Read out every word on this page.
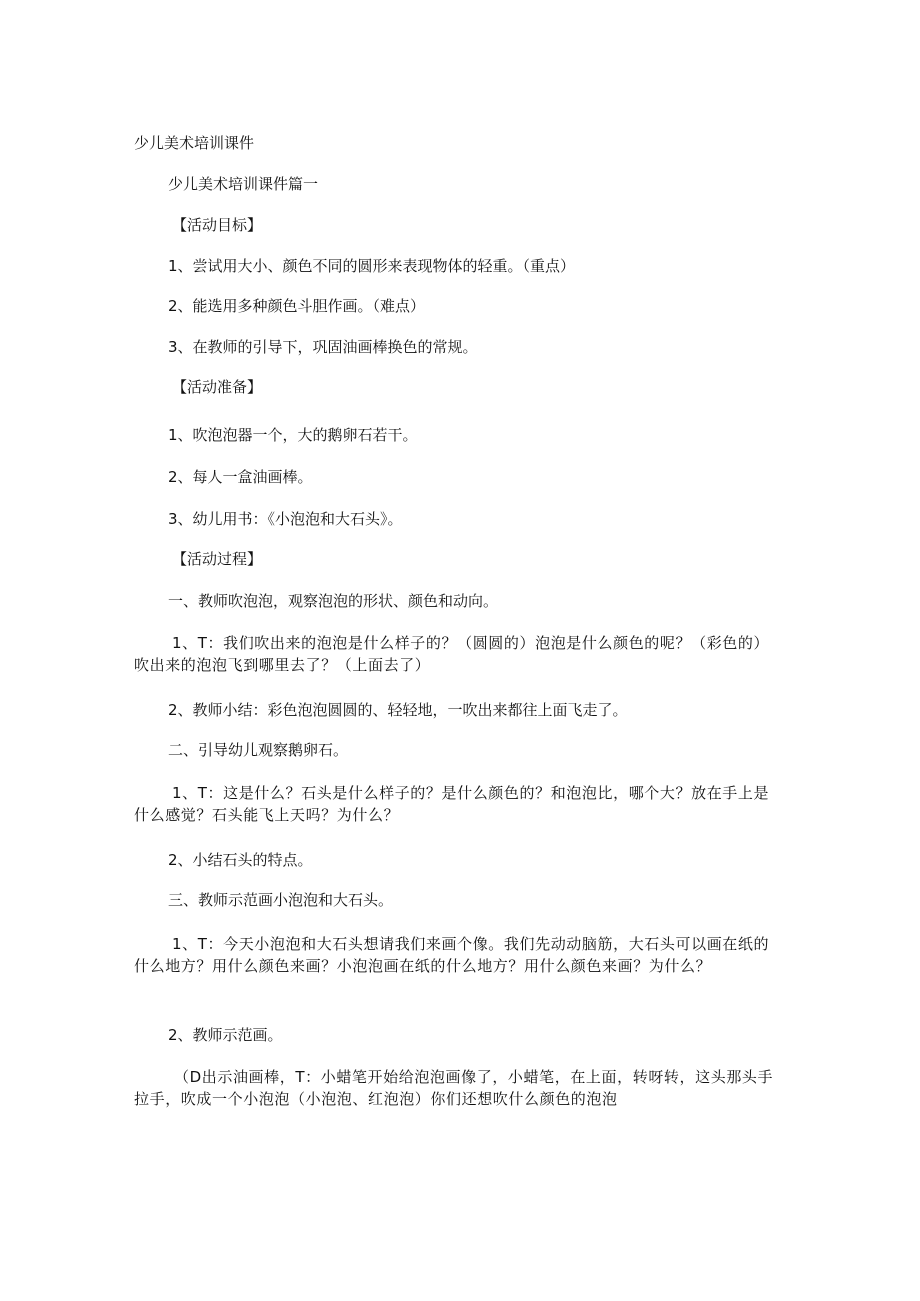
少儿美术培训课件
少儿美术培训课件篇一
【活动目标】
1、尝试用大小、颜色不同的圆形来表现物体的轻重。（重点）
2、能选用多种颜色斗胆作画。（难点）
3、在教师的引导下，巩固油画棒换色的常规。
【活动准备】
1、吹泡泡器一个，大的鹅卵石若干。
2、每人一盒油画棒。
3、幼儿用书：《小泡泡和大石头》。
【活动过程】
一、教师吹泡泡，观察泡泡的形状、颜色和动向。
1、T：我们吹出来的泡泡是什么样子的？（圆圆的）泡泡是什么颜色的呢？（彩色的）吹出来的泡泡飞到哪里去了？（上面去了）
2、教师小结：彩色泡泡圆圆的、轻轻地，一吹出来都往上面飞走了。
二、引导幼儿观察鹅卵石。
1、T：这是什么？石头是什么样子的？是什么颜色的？和泡泡比，哪个大？放在手上是什么感觉？石头能飞上天吗？为什么？
2、小结石头的特点。
三、教师示范画小泡泡和大石头。
1、T：今天小泡泡和大石头想请我们来画个像。我们先动动脑筋，大石头可以画在纸的什么地方？用什么颜色来画？小泡泡画在纸的什么地方？用什么颜色来画？为什么？
2、教师示范画。
（D出示油画棒，T：小蜡笔开始给泡泡画像了，小蜡笔，在上面，转呀转，这头那头手拉手，吹成一个小泡泡（小泡泡、红泡泡）你们还想吹什么颜色的泡泡
